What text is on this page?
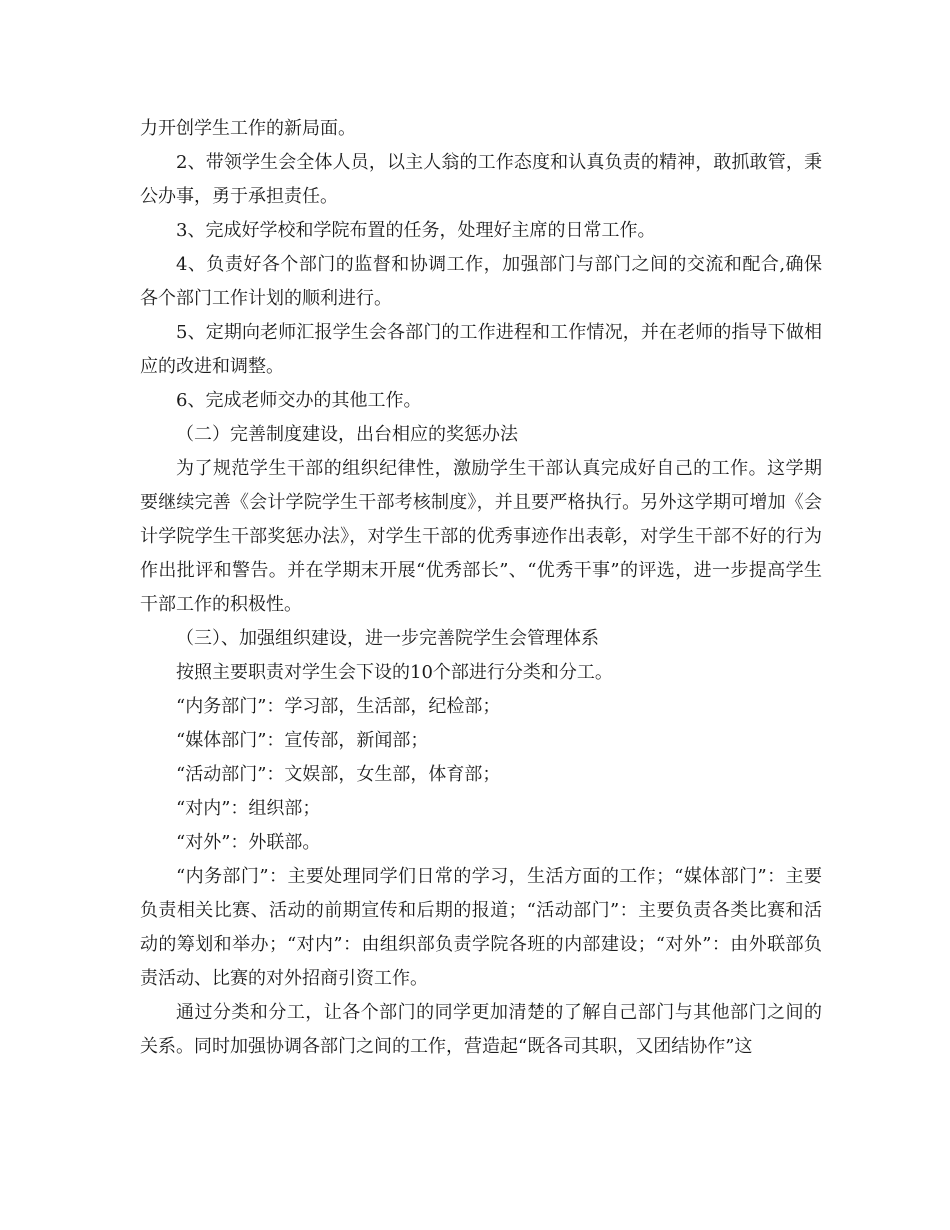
力开创学生工作的新局面。

2、带领学生会全体人员，以主人翁的工作态度和认真负责的精神，敢抓敢管，秉公办事，勇于承担责任。

3、完成好学校和学院布置的任务，处理好主席的日常工作。

4、负责好各个部门的监督和协调工作，加强部门与部门之间的交流和配合,确保各个部门工作计划的顺利进行。

5、定期向老师汇报学生会各部门的工作进程和工作情况，并在老师的指导下做相应的改进和调整。

6、完成老师交办的其他工作。

（二）完善制度建设，出台相应的奖惩办法

为了规范学生干部的组织纪律性，激励学生干部认真完成好自己的工作。这学期要继续完善《会计学院学生干部考核制度》，并且要严格执行。另外这学期可增加《会计学院学生干部奖惩办法》，对学生干部的优秀事迹作出表彰，对学生干部不好的行为作出批评和警告。并在学期末开展“优秀部长”、“优秀干事”的评选，进一步提高学生干部工作的积极性。

（三）、加强组织建设，进一步完善院学生会管理体系

按照主要职责对学生会下设的10个部进行分类和分工。

“内务部门”：学习部，生活部，纪检部；

“媒体部门”：宣传部，新闻部；

“活动部门”：文娱部，女生部，体育部；

“对内”：组织部；

“对外”：外联部。

“内务部门”：主要处理同学们日常的学习，生活方面的工作；“媒体部门”：主要负责相关比赛、活动的前期宣传和后期的报道；“活动部门”：主要负责各类比赛和活动的筹划和举办；“对内”：由组织部负责学院各班的内部建设；“对外”：由外联部负责活动、比赛的对外招商引资工作。

通过分类和分工，让各个部门的同学更加清楚的了解自己部门与其他部门之间的关系。同时加强协调各部门之间的工作，营造起“既各司其职，又团结协作”这
